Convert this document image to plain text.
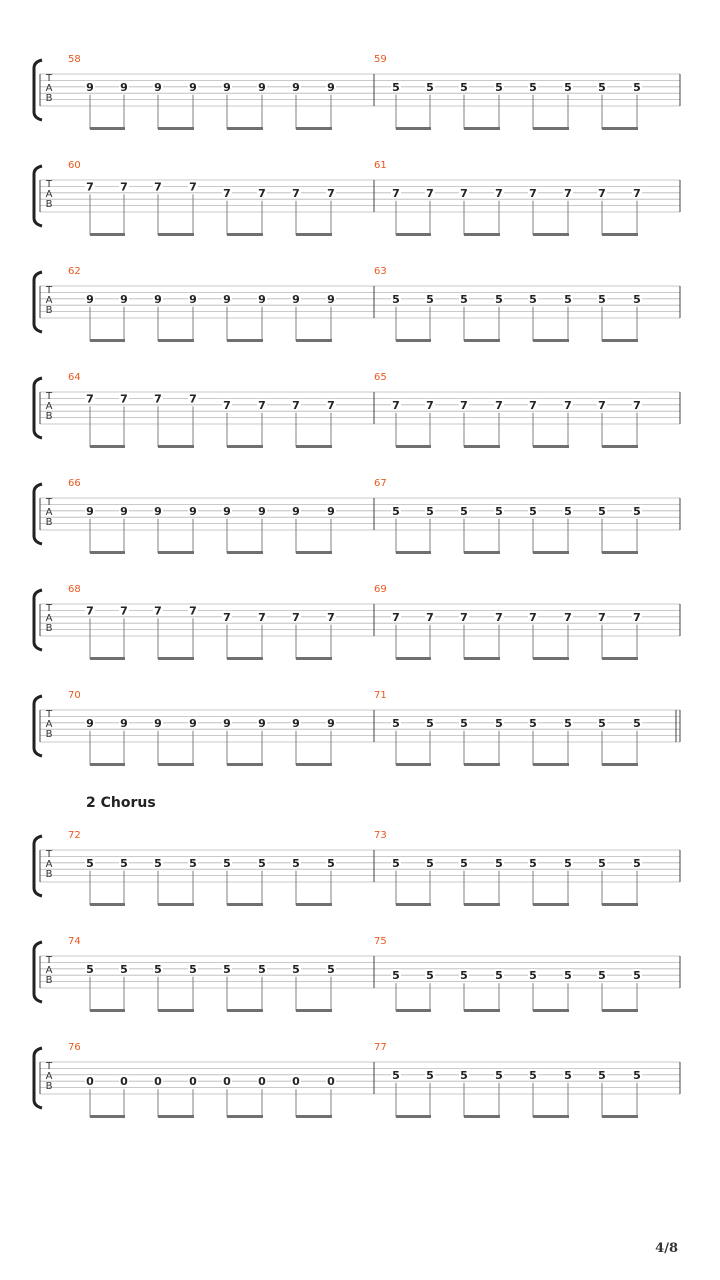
T
A
B
58
9 9 9 9 9 9 9 9
59
5 5 5 5 5 5 5 5
T
A
B
60
7 7 7 7 7 7 7 7
61
7 7 7 7 7 7 7 7
T
A
B
62
9 9 9 9 9 9 9 9
63
5 5 5 5 5 5 5 5
T
A
B
64
7 7 7 7 7 7 7 7
65
7 7 7 7 7 7 7 7
T
A
B
66
9 9 9 9 9 9 9 9
67
5 5 5 5 5 5 5 5
T
A
B
68
7 7 7 7 7 7 7 7
69
7 7 7 7 7 7 7 7
T
A
B
70
9 9 9 9 9 9 9 9
71
5 5 5 5 5 5 5 5
T
A
B
72
5 5 5 5 5 5 5 5
73
5 5 5 5 5 5 5 5
T
A
B
74
5 5 5 5 5 5 5 5
75
5 5 5 5 5 5 5 5
T
A
B
76
0 0 0 0 0 0 0 0
77
5 5 5 5 5 5 5 5
2 Chorus
4/8
